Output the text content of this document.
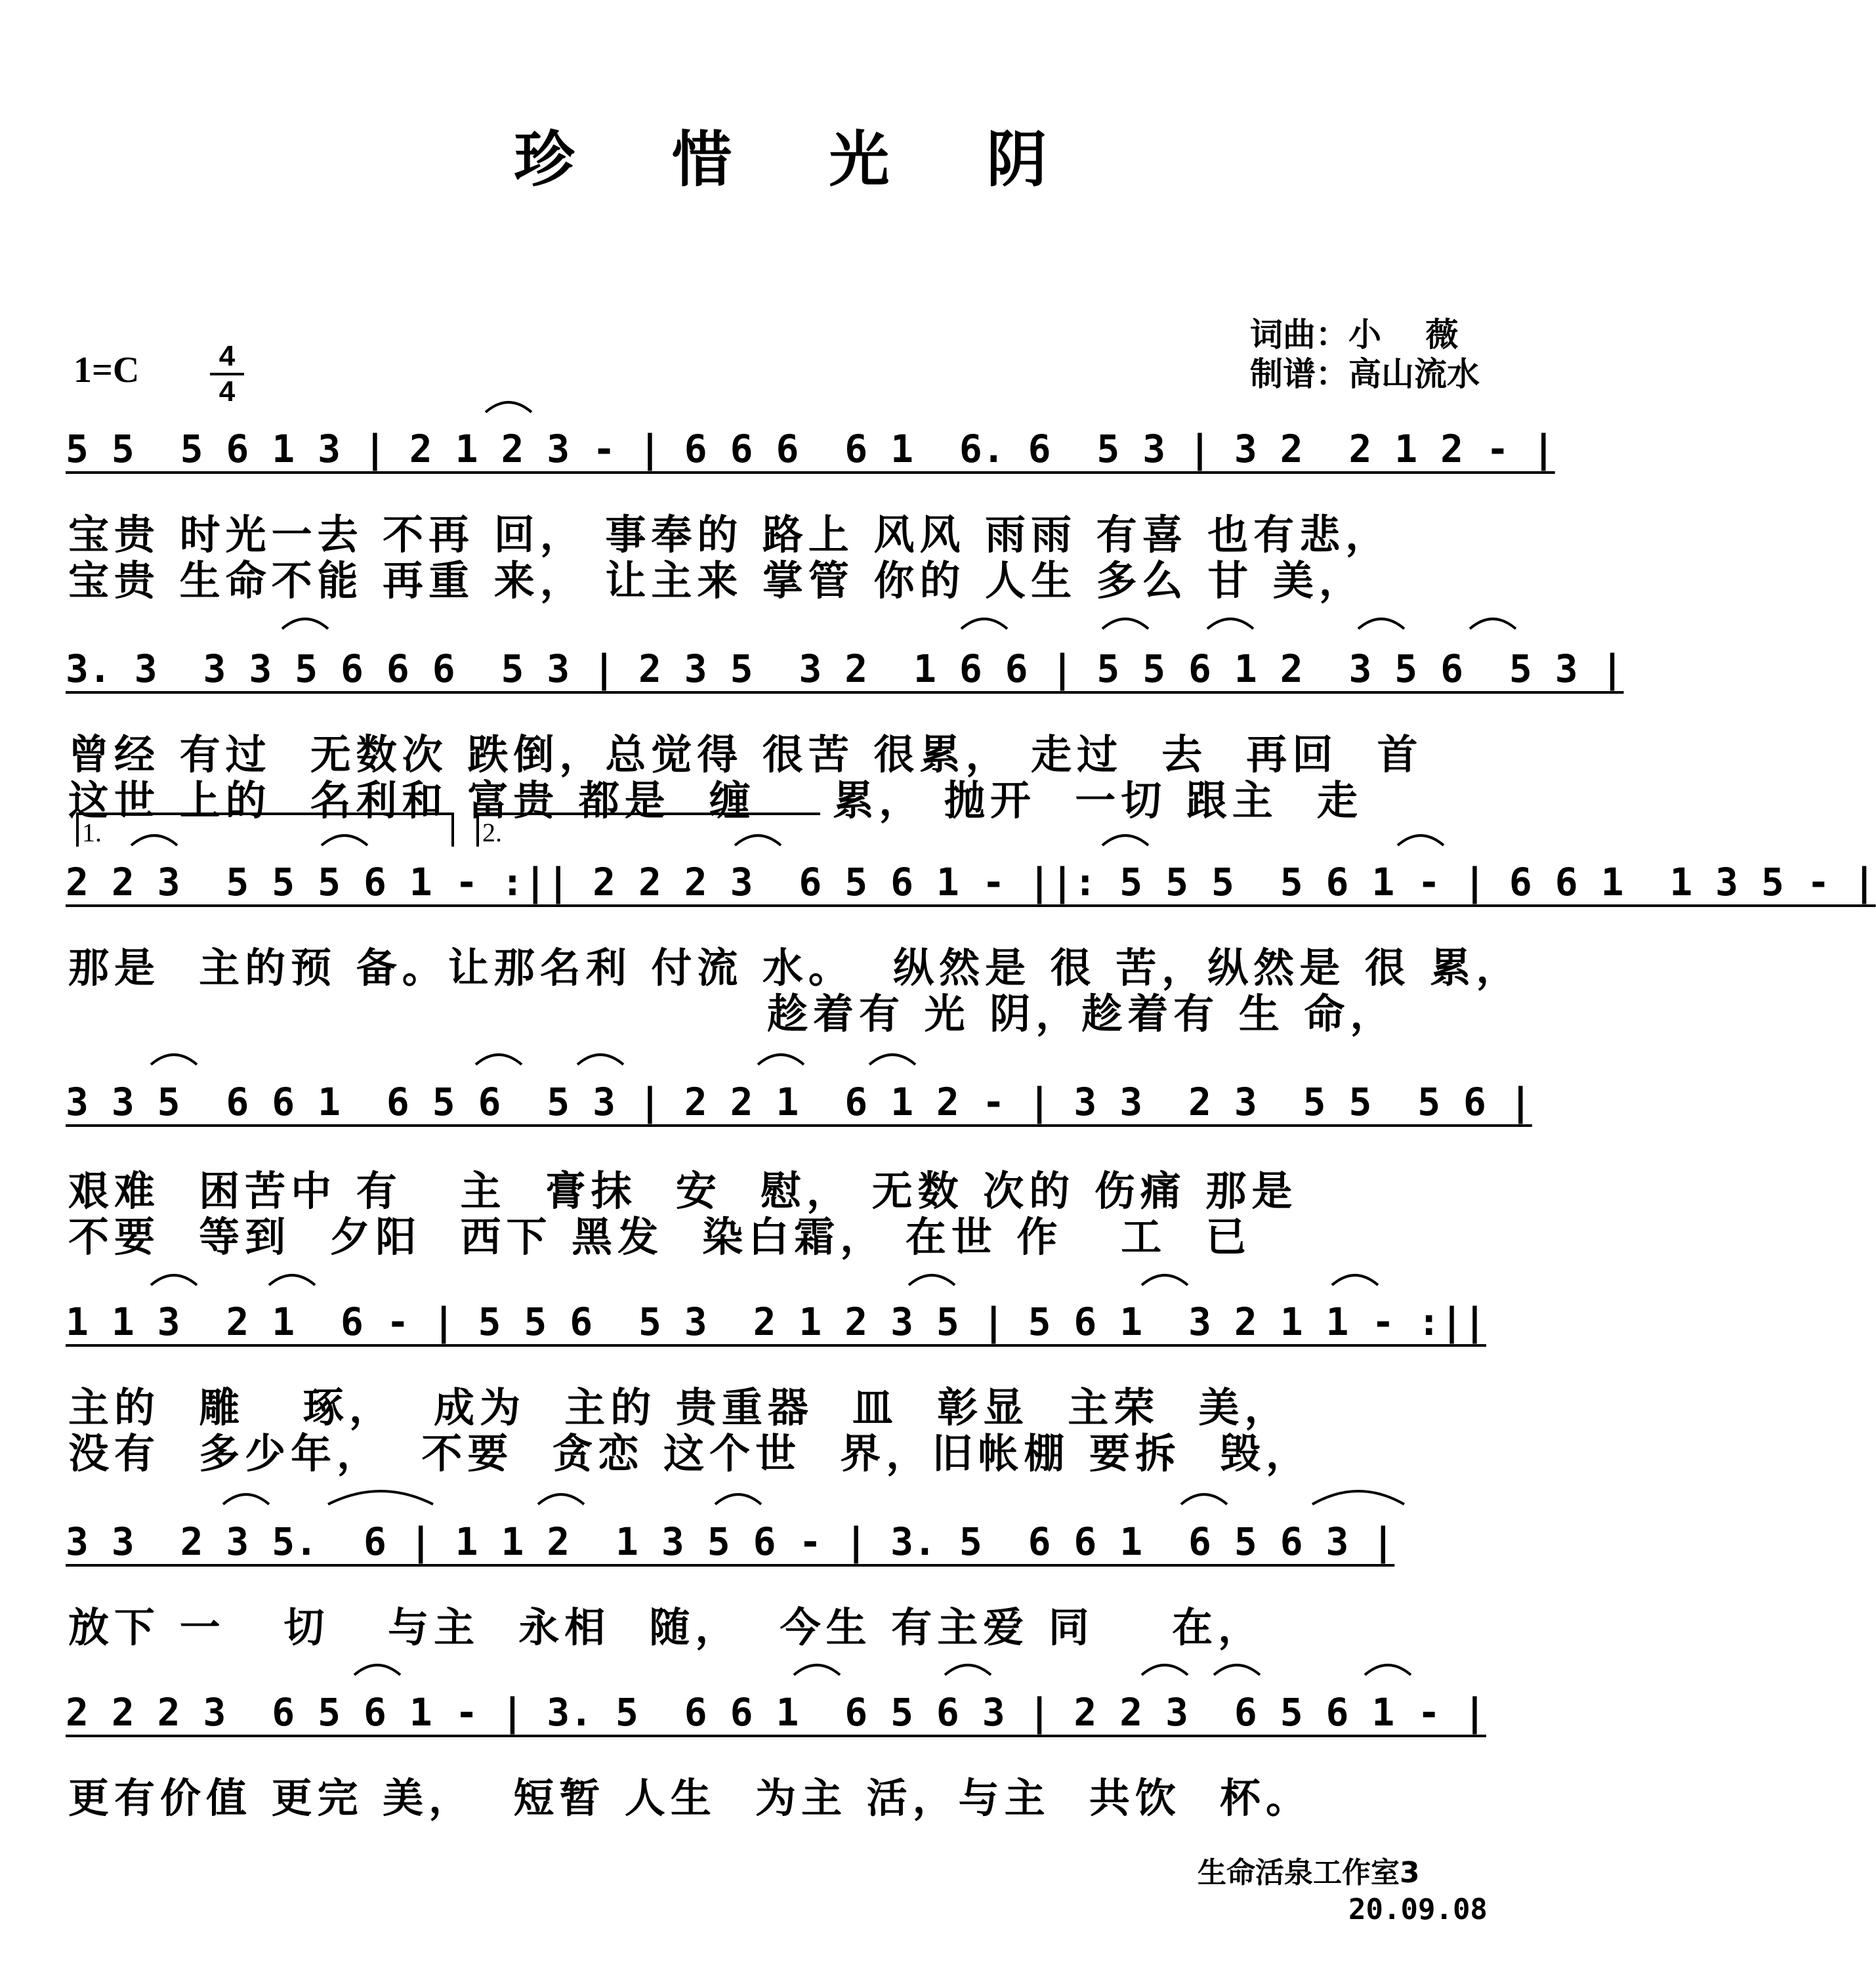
珍 惜 光 阴
词曲：小　 薇
制谱：高山流水
1=C	4
4
5 5  5 6 1 3 | 2 1 2 3 - | 6 6 6  6 1  6. 6  5 3 | 3 2  2 1 2 - |
宝贵 时光一去 不再 回， 事奉的 路上 风风 雨雨 有喜 也有悲，
宝贵 生命不能 再重 来， 让主来 掌管 你的 人生 多么 甘 美，
3. 3  3 3 5 6 6 6  5 3 | 2 3 5  3 2  1 6 6 | 5 5 6 1 2  3 5 6  5 3 |
曾经 有过  无数次 跌倒，总觉得 很苦 很累， 走过  去  再回  首
这世 上的  名利和 富贵 都是  缠    累， 抛开  一切 跟主  走
1.	2.
2 2 3  5 5 5 6 1 - :|| 2 2 2 3  6 5 6 1 - ||: 5 5 5  5 6 1 - | 6 6 1  1 3 5 - |
那是  主的预 备。让那名利 付流 水。  纵然是 很 苦，纵然是 很 累，
趁着有 光 阴，趁着有 生 命，
3 3 5  6 6 1  6 5 6  5 3 | 2 2 1  6 1 2 - | 3 3  2 3  5 5  5 6 |
艰难  困苦中 有   主  膏抹  安  慰， 无数 次的 伤痛 那是
不要  等到  夕阳  西下 黑发  染白霜， 在世 作   工  已
1 1 3  2 1  6 - | 5 5 6  5 3  2 1 2 3 5 | 5 6 1  3 2 1 1 - :||
主的  雕   琢，  成为  主的 贵重器  皿  彰显  主荣  美，
没有  多少年，  不要  贪恋 这个世  界，旧帐棚 要拆  毁，
3 3  2 3 5.  6 | 1 1 2  1 3 5 6 - | 3. 5  6 6 1  6 5 6 3 |
放下 一   切   与主  永相  随，  今生 有主爱 同    在，
2 2 2 3  6 5 6 1 - | 3. 5  6 6 1  6 5 6 3 | 2 2 3  6 5 6 1 - |
更有价值 更完 美，  短暂 人生  为主 活，与主  共饮  杯。
生命活泉工作室3
20.09.08
